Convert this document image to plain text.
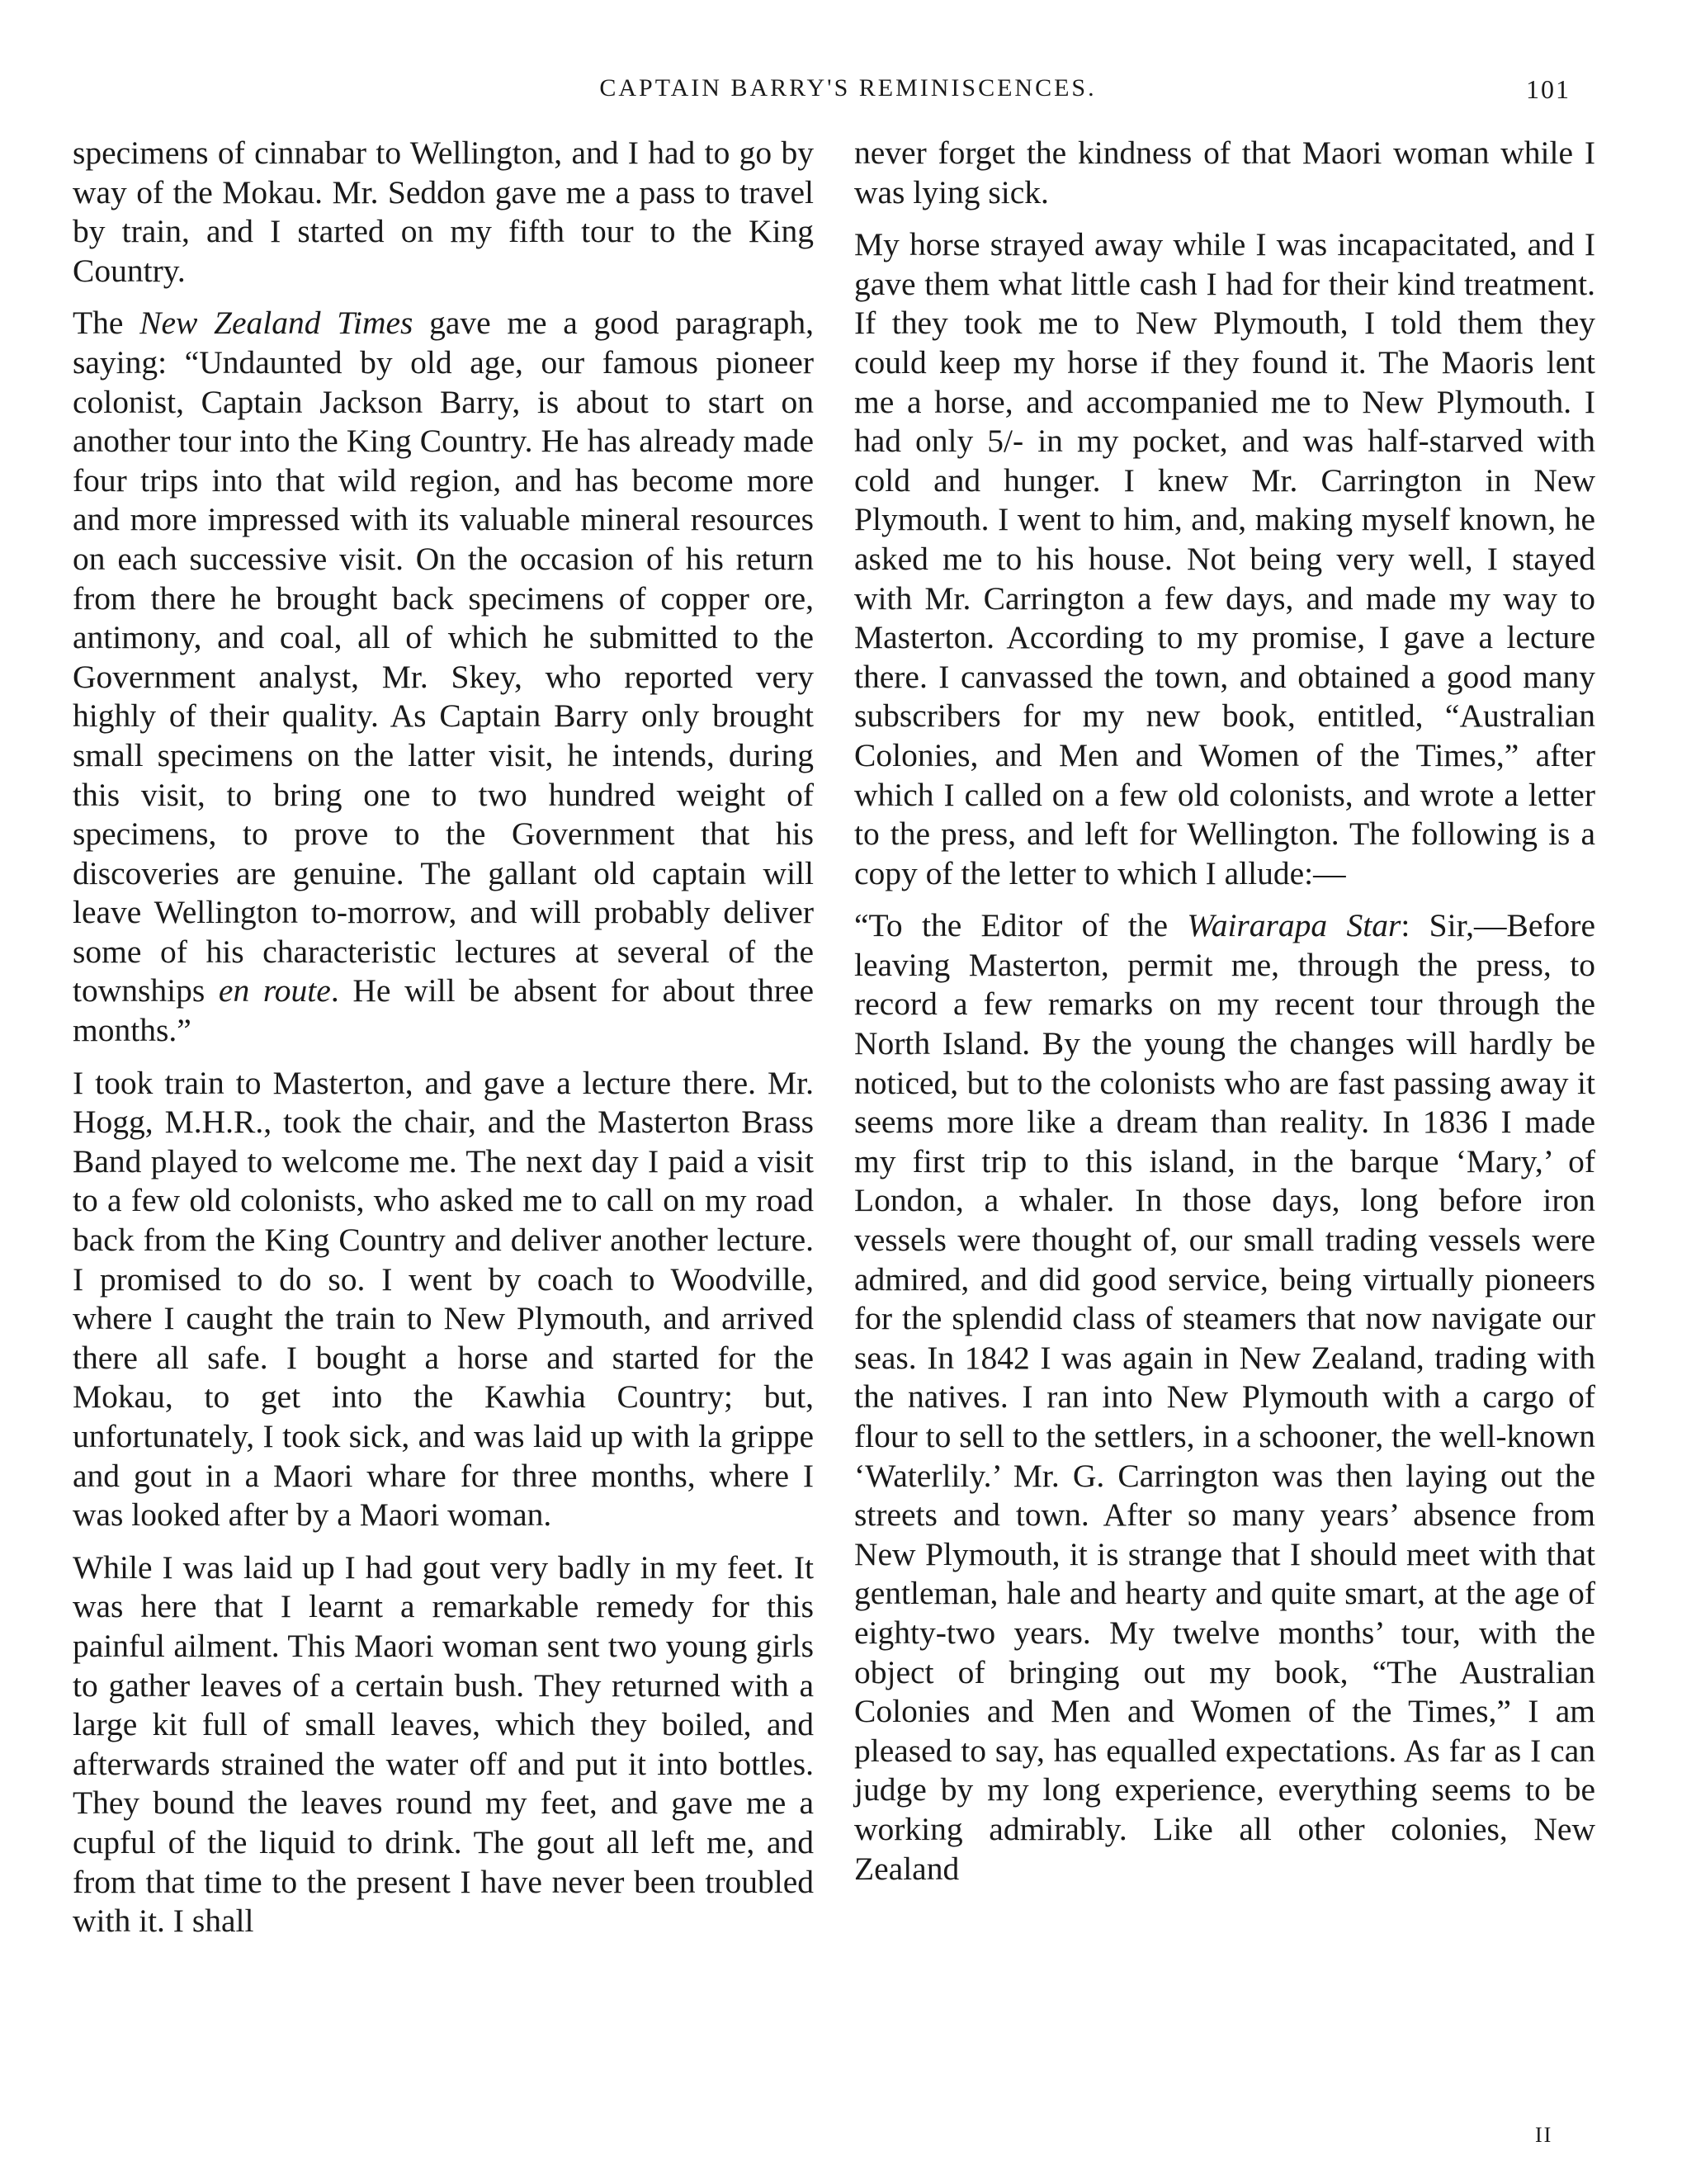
CAPTAIN BARRY'S REMINISCENCES.	101

specimens of cinnabar to Wellington, and I had to go by way of the Mokau. Mr. Seddon gave me a pass to travel by train, and I started on my fifth tour to the King Country.

The New Zealand Times gave me a good paragraph, saying: “Undaunted by old age, our famous pioneer colonist, Captain Jackson Barry, is about to start on another tour into the King Country. He has already made four trips into that wild region, and has become more and more impressed with its valuable mineral resources on each successive visit. On the occasion of his return from there he brought back specimens of copper ore, antimony, and coal, all of which he submitted to the Government analyst, Mr. Skey, who reported very highly of their quality. As Captain Barry only brought small specimens on the latter visit, he intends, during this visit, to bring one to two hundred weight of specimens, to prove to the Government that his discoveries are genuine. The gallant old captain will leave Wellington to-morrow, and will probably deliver some of his characteristic lectures at several of the townships en route. He will be absent for about three months.”

I took train to Masterton, and gave a lecture there. Mr. Hogg, M.H.R., took the chair, and the Masterton Brass Band played to welcome me. The next day I paid a visit to a few old colonists, who asked me to call on my road back from the King Country and deliver another lecture. I promised to do so. I went by coach to Woodville, where I caught the train to New Plymouth, and arrived there all safe. I bought a horse and started for the Mokau, to get into the Kawhia Country; but, unfortunately, I took sick, and was laid up with la grippe and gout in a Maori whare for three months, where I was looked after by a Maori woman.

While I was laid up I had gout very badly in my feet. It was here that I learnt a remarkable remedy for this painful ailment. This Maori woman sent two young girls to gather leaves of a certain bush. They returned with a large kit full of small leaves, which they boiled, and afterwards strained the water off and put it into bottles. They bound the leaves round my feet, and gave me a cupful of the liquid to drink. The gout all left me, and from that time to the present I have never been troubled with it. I shall

never forget the kindness of that Maori woman while I was lying sick.

My horse strayed away while I was incapacitated, and I gave them what little cash I had for their kind treatment. If they took me to New Plymouth, I told them they could keep my horse if they found it. The Maoris lent me a horse, and accompanied me to New Plymouth. I had only 5/- in my pocket, and was half-starved with cold and hunger. I knew Mr. Carrington in New Plymouth. I went to him, and, making myself known, he asked me to his house. Not being very well, I stayed with Mr. Carrington a few days, and made my way to Masterton. According to my promise, I gave a lecture there. I canvassed the town, and obtained a good many subscribers for my new book, entitled, “Australian Colonies, and Men and Women of the Times,” after which I called on a few old colonists, and wrote a letter to the press, and left for Wellington. The following is a copy of the letter to which I allude:—

“To the Editor of the Wairarapa Star: Sir,—Before leaving Masterton, permit me, through the press, to record a few remarks on my recent tour through the North Island. By the young the changes will hardly be noticed, but to the colonists who are fast passing away it seems more like a dream than reality. In 1836 I made my first trip to this island, in the barque ‘Mary,’ of London, a whaler. In those days, long before iron vessels were thought of, our small trading vessels were admired, and did good service, being virtually pioneers for the splendid class of steamers that now navigate our seas. In 1842 I was again in New Zealand, trading with the natives. I ran into New Plymouth with a cargo of flour to sell to the settlers, in a schooner, the well-known ‘Waterlily.’ Mr. G. Carrington was then laying out the streets and town. After so many years’ absence from New Plymouth, it is strange that I should meet with that gentleman, hale and hearty and quite smart, at the age of eighty-two years. My twelve months’ tour, with the object of bringing out my book, “The Australian Colonies and Men and Women of the Times,” I am pleased to say, has equalled expectations. As far as I can judge by my long experience, everything seems to be working admirably. Like all other colonies, New Zealand

II
